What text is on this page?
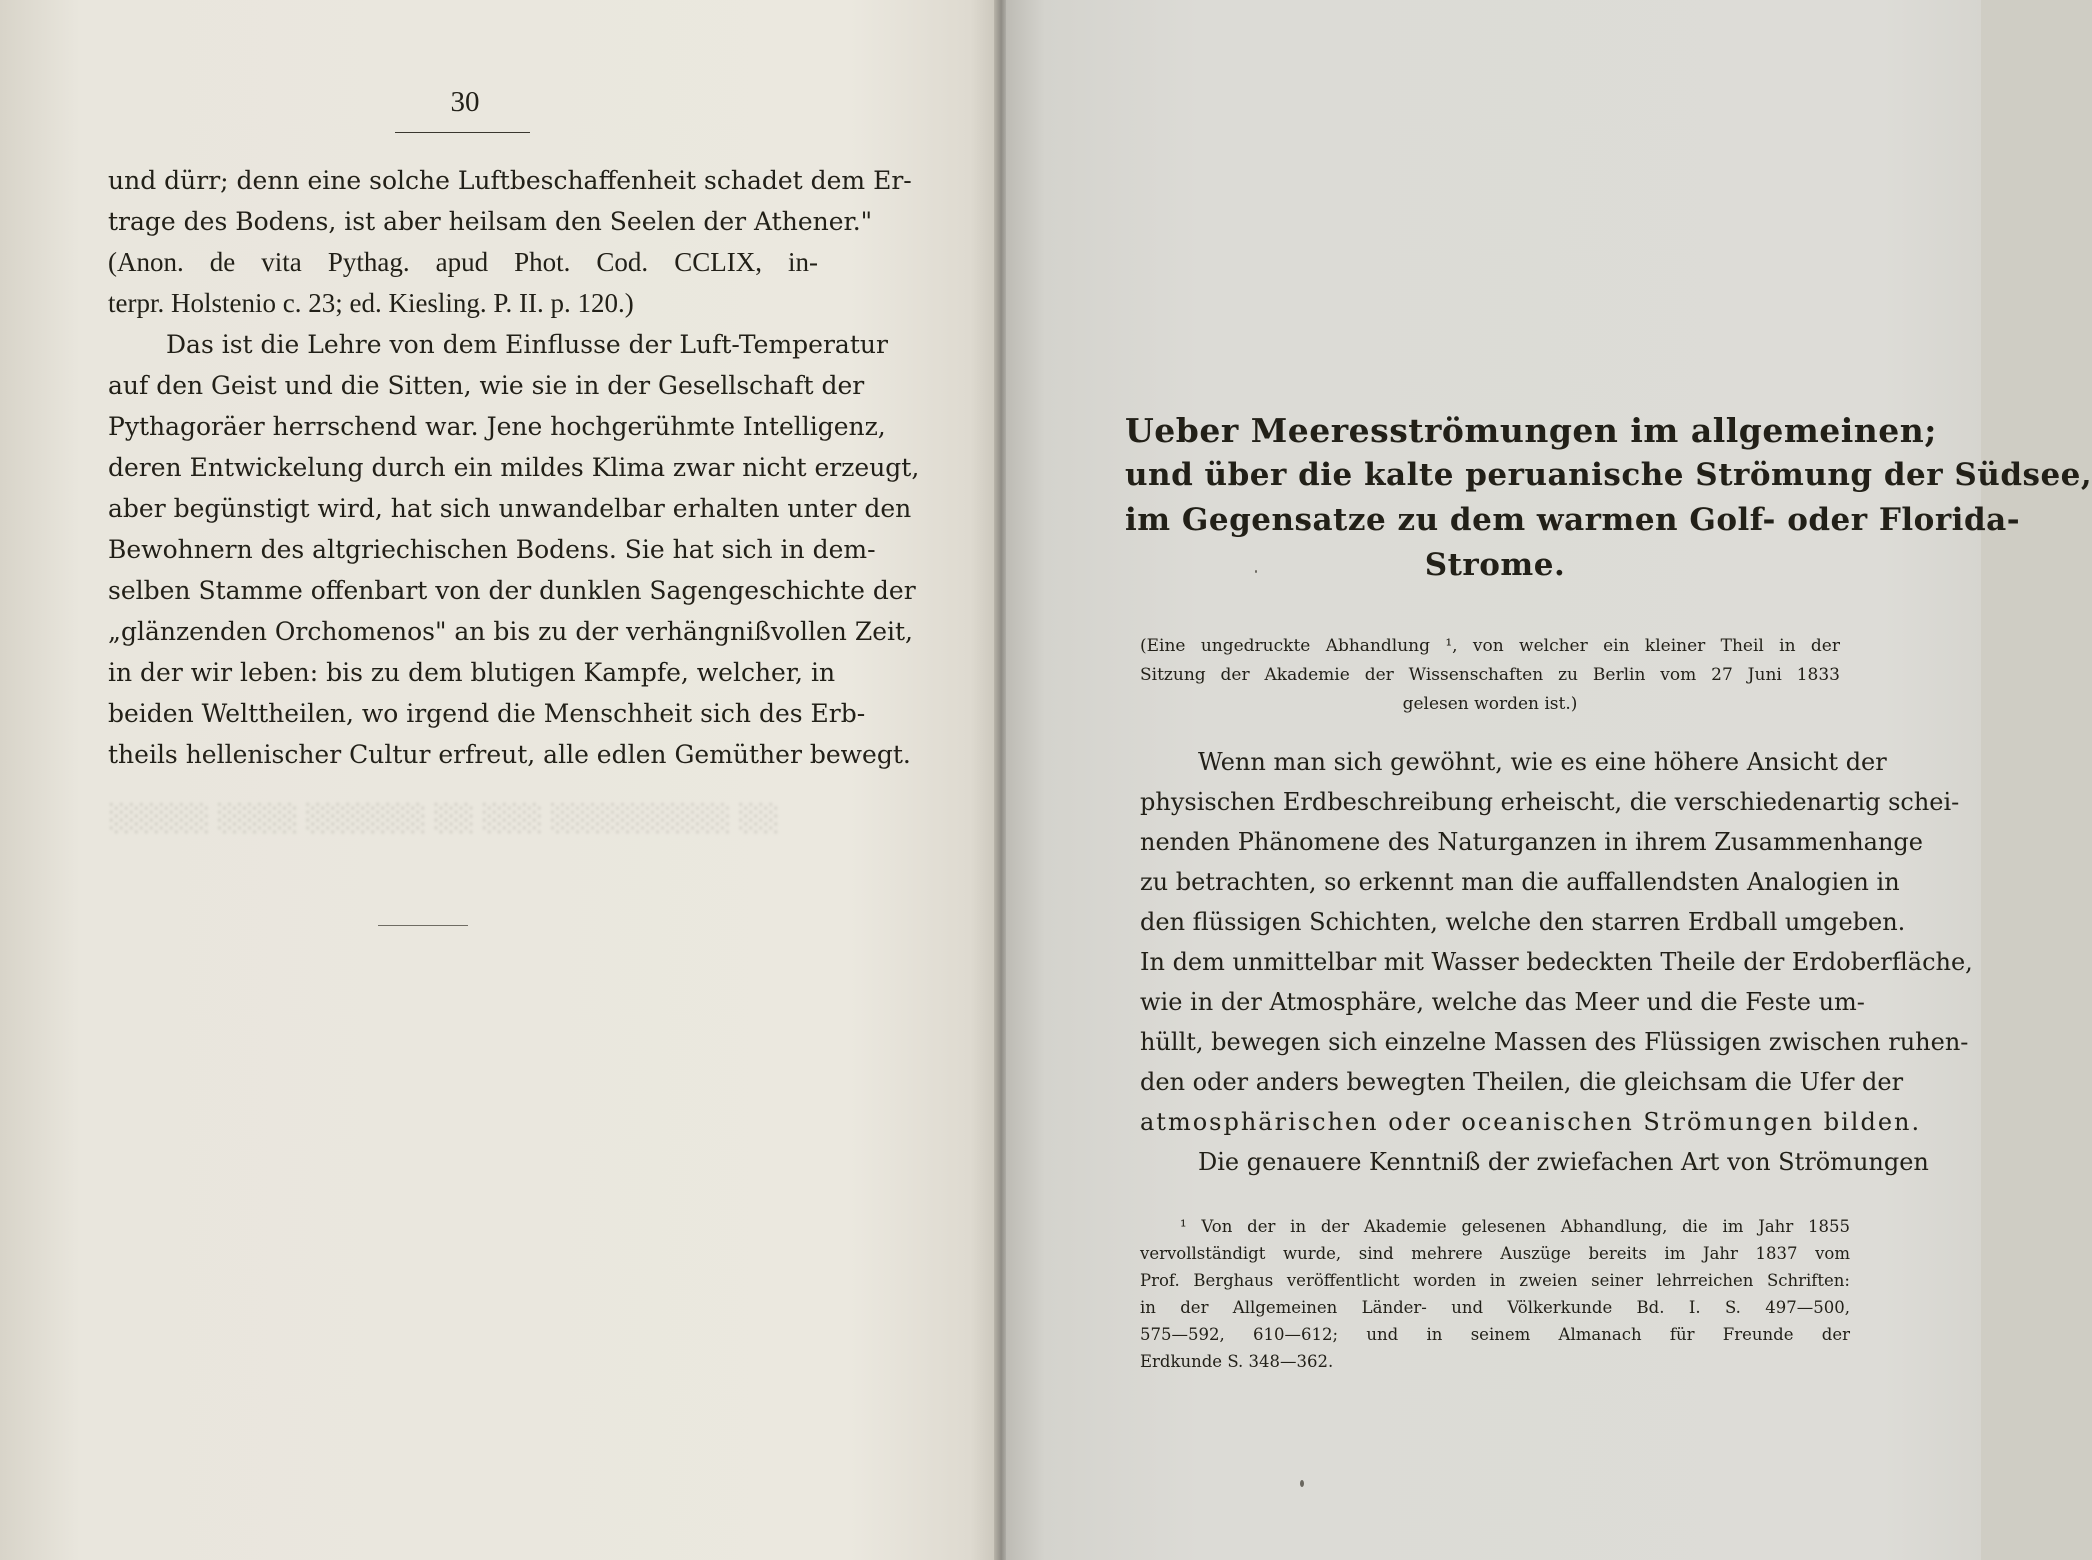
░░░░░ ░░░░ ░░░░░░ ░░ ░░░ ░░░░░░░░░ ░░
30
und dürr; denn eine solche Luftbeschaffenheit schadet dem Er-
trage des Bodens, ist aber heilsam den Seelen der Athener."
(Anon. de vita Pythag. apud Phot. Cod. CCLIX, in-
terpr. Holstenio c. 23; ed. Kiesling. P. II. p. 120.)
Das ist die Lehre von dem Einflusse der Luft-Temperatur
auf den Geist und die Sitten, wie sie in der Gesellschaft der
Pythagoräer herrschend war. Jene hochgerühmte Intelligenz,
deren Entwickelung durch ein mildes Klima zwar nicht erzeugt,
aber begünstigt wird, hat sich unwandelbar erhalten unter den
Bewohnern des altgriechischen Bodens. Sie hat sich in dem-
selben Stamme offenbart von der dunklen Sagengeschichte der
„glänzenden Orchomenos" an bis zu der verhängnißvollen Zeit,
in der wir leben: bis zu dem blutigen Kampfe, welcher, in
beiden Welttheilen, wo irgend die Menschheit sich des Erb-
theils hellenischer Cultur erfreut, alle edlen Gemüther bewegt.
Ueber Meeresströmungen im allgemeinen;
und über die kalte peruanische Strömung der Südsee,
im Gegensatze zu dem warmen Golf- oder Florida-
Strome.
(Eine ungedruckte Abhandlung ¹, von welcher ein kleiner Theil in der
Sitzung der Akademie der Wissenschaften zu Berlin vom 27 Juni 1833
gelesen worden ist.)
Wenn man sich gewöhnt, wie es eine höhere Ansicht der
physischen Erdbeschreibung erheischt, die verschiedenartig schei-
nenden Phänomene des Naturganzen in ihrem Zusammenhange
zu betrachten, so erkennt man die auffallendsten Analogien in
den flüssigen Schichten, welche den starren Erdball umgeben.
In dem unmittelbar mit Wasser bedeckten Theile der Erdoberfläche,
wie in der Atmosphäre, welche das Meer und die Feste um-
hüllt, bewegen sich einzelne Massen des Flüssigen zwischen ruhen-
den oder anders bewegten Theilen, die gleichsam die Ufer der
atmosphärischen oder oceanischen Strömungen bilden.
Die genauere Kenntniß der zwiefachen Art von Strömungen
¹ Von der in der Akademie gelesenen Abhandlung, die im Jahr 1855
vervollständigt wurde, sind mehrere Auszüge bereits im Jahr 1837 vom
Prof. Berghaus veröffentlicht worden in zweien seiner lehrreichen Schriften:
in der Allgemeinen Länder- und Völkerkunde Bd. I. S. 497—500,
575—592, 610—612; und in seinem Almanach für Freunde der
Erdkunde S. 348—362.
